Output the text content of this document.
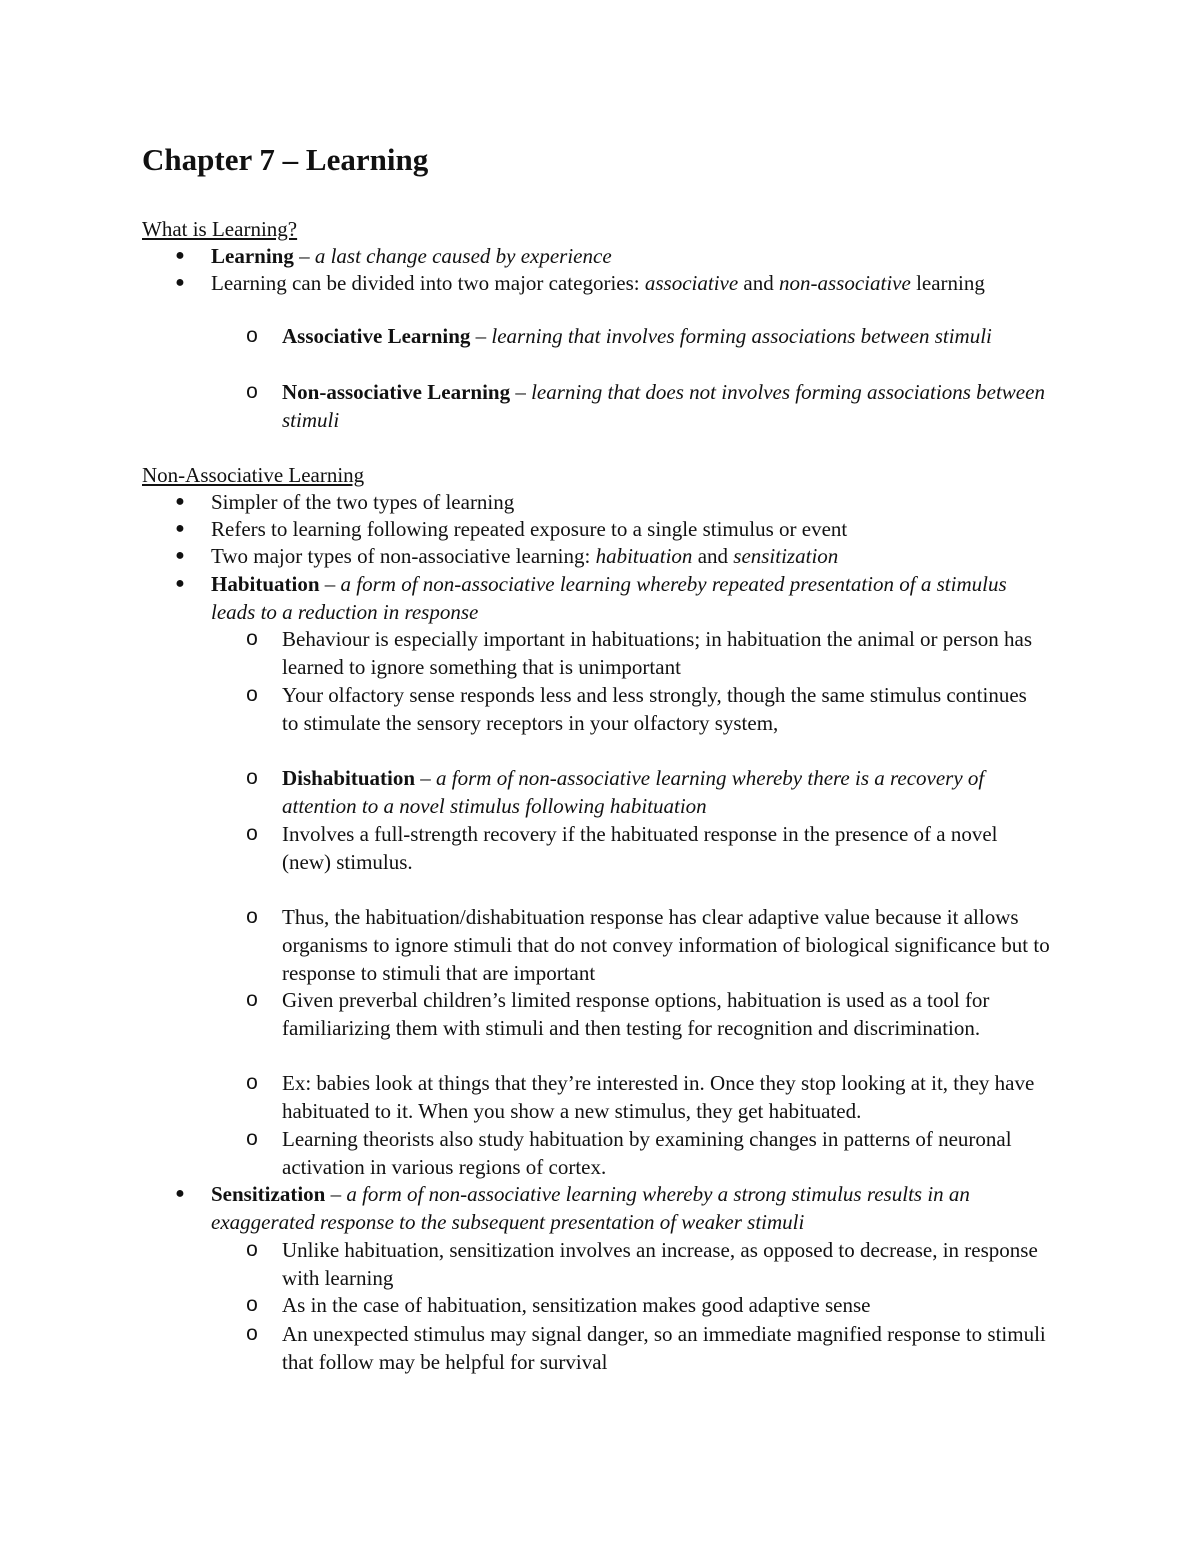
Chapter 7 – Learning
What is Learning?
● Learning – a last change caused by experience

● Learning can be divided into two major categories: associative and non-associative learning

o Associative Learning – learning that involves forming associations between stimuli

o Non-associative Learning – learning that does not involves forming associations between stimuli

Non-Associative Learning
● Simpler of the two types of learning

● Refers to learning following repeated exposure to a single stimulus or event

● Two major types of non-associative learning: habituation and sensitization

● Habituation – a form of non-associative learning whereby repeated presentation of a stimulus leads to a reduction in response

o Behaviour is especially important in habituations; in habituation the animal or person has learned to ignore something that is unimportant

o Your olfactory sense responds less and less strongly, though the same stimulus continues to stimulate the sensory receptors in your olfactory system,

o Dishabituation – a form of non-associative learning whereby there is a recovery of attention to a novel stimulus following habituation

o Involves a full-strength recovery if the habituated response in the presence of a novel (new) stimulus.

o Thus, the habituation/dishabituation response has clear adaptive value because it allows organisms to ignore stimuli that do not convey information of biological significance but to response to stimuli that are important

o Given preverbal children’s limited response options, habituation is used as a tool for familiarizing them with stimuli and then testing for recognition and discrimination.

o Ex: babies look at things that they’re interested in. Once they stop looking at it, they have habituated to it. When you show a new stimulus, they get habituated.

o Learning theorists also study habituation by examining changes in patterns of neuronal activation in various regions of cortex.

● Sensitization – a form of non-associative learning whereby a strong stimulus results in an exaggerated response to the subsequent presentation of weaker stimuli

o Unlike habituation, sensitization involves an increase, as opposed to decrease, in response with learning

o As in the case of habituation, sensitization makes good adaptive sense

o An unexpected stimulus may signal danger, so an immediate magnified response to stimuli that follow may be helpful for survival
